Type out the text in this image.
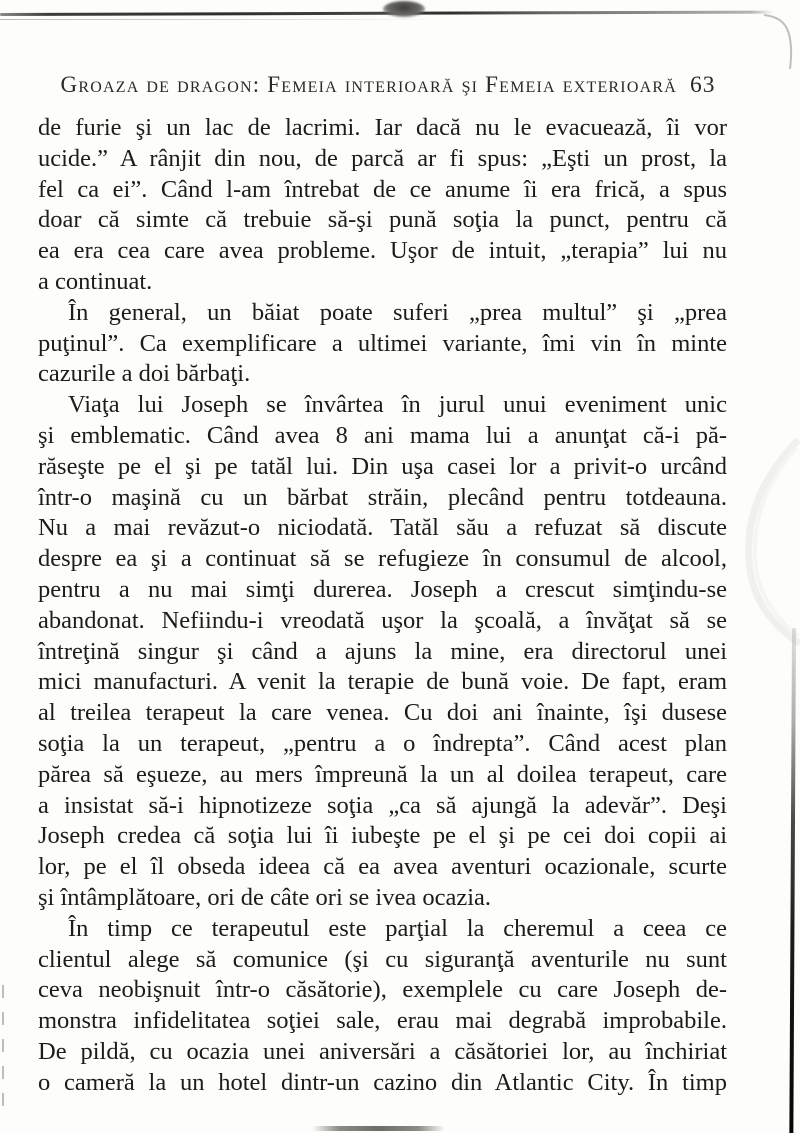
Groaza de dragon: Femeia interioară şi Femeia exterioară 63
de furie şi un lac de lacrimi. Iar dacă nu le evacuează, îi vor
ucide.” A rânjit din nou, de parcă ar fi spus: „Eşti un prost, la
fel ca ei”. Când l-am întrebat de ce anume îi era frică, a spus
doar că simte că trebuie să-şi pună soţia la punct, pentru că
ea era cea care avea probleme. Uşor de intuit, „terapia” lui nu
a continuat.
În general, un băiat poate suferi „prea multul” şi „prea
puţinul”. Ca exemplificare a ultimei variante, îmi vin în minte
cazurile a doi bărbaţi.
Viaţa lui Joseph se învârtea în jurul unui eveniment unic
şi emblematic. Când avea 8 ani mama lui a anunţat că-i pă-
răseşte pe el şi pe tatăl lui. Din uşa casei lor a privit-o urcând
într-o maşină cu un bărbat străin, plecând pentru totdeauna.
Nu a mai revăzut-o niciodată. Tatăl său a refuzat să discute
despre ea şi a continuat să se refugieze în consumul de alcool,
pentru a nu mai simţi durerea. Joseph a crescut simţindu-se
abandonat. Nefiindu-i vreodată uşor la şcoală, a învăţat să se
întreţină singur şi când a ajuns la mine, era directorul unei
mici manufacturi. A venit la terapie de bună voie. De fapt, eram
al treilea terapeut la care venea. Cu doi ani înainte, îşi dusese
soţia la un terapeut, „pentru a o îndrepta”. Când acest plan
părea să eşueze, au mers împreună la un al doilea terapeut, care
a insistat să-i hipnotizeze soţia „ca să ajungă la adevăr”. Deşi
Joseph credea că soţia lui îi iubeşte pe el şi pe cei doi copii ai
lor, pe el îl obseda ideea că ea avea aventuri ocazionale, scurte
şi întâmplătoare, ori de câte ori se ivea ocazia.
În timp ce terapeutul este parţial la cheremul a ceea ce
clientul alege să comunice (şi cu siguranţă aventurile nu sunt
ceva neobişnuit într-o căsătorie), exemplele cu care Joseph de-
monstra infidelitatea soţiei sale, erau mai degrabă improbabile.
De pildă, cu ocazia unei aniversări a căsătoriei lor, au închiriat
o cameră la un hotel dintr-un cazino din Atlantic City. În timp
